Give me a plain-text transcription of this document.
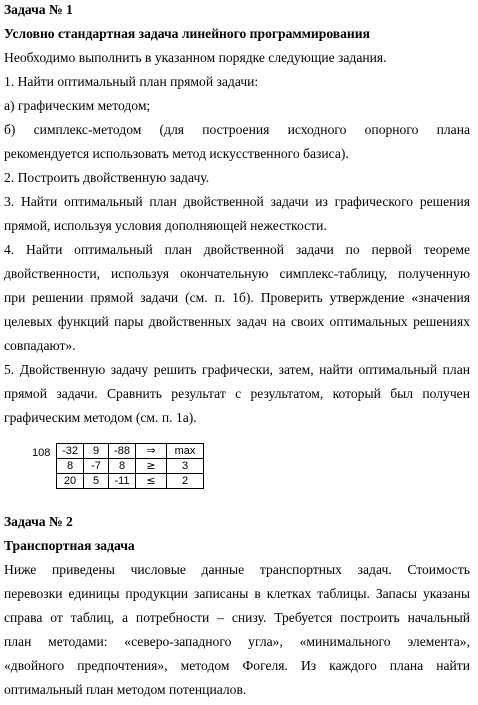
Задача № 1
Условно стандартная задача линейного программирования
Необходимо выполнить в указанном порядке следующие задания.
1. Найти оптимальный план прямой задачи:
а) графическим методом;
б) симплекс-методом (для построения исходного опорного плана
рекомендуется использовать метод искусственного базиса).
2. Построить двойственную задачу.
3. Найти оптимальный план двойственной задачи из графического решения
прямой, используя условия дополняющей нежесткости.
4. Найти оптимальный план двойственной задачи по первой теореме
двойственности, используя окончательную симплекс-таблицу, полученную
при решении прямой задачи (см. п. 1б). Проверить утверждение «значения
целевых функций пары двойственных задач на своих оптимальных решениях
совпадают».
5. Двойственную задачу решить графически, затем, найти оптимальный план
прямой задачи. Сравнить результат с результатом, который был получен
графическим методом (см. п. 1а).
108 -32	9	-88	⇒	max
8	-7	8	≥	3
20	5	-11	≤	2
Задача № 2
Транспортная задача
Ниже приведены числовые данные транспортных задач. Стоимость
перевозки единицы продукции записаны в клетках таблицы. Запасы указаны
справа от таблиц, а потребности – снизу. Требуется построить начальный
план методами: «северо-западного угла», «минимального элемента»,
«двойного предпочтения», методом Фогеля. Из каждого плана найти
оптимальный план методом потенциалов.
